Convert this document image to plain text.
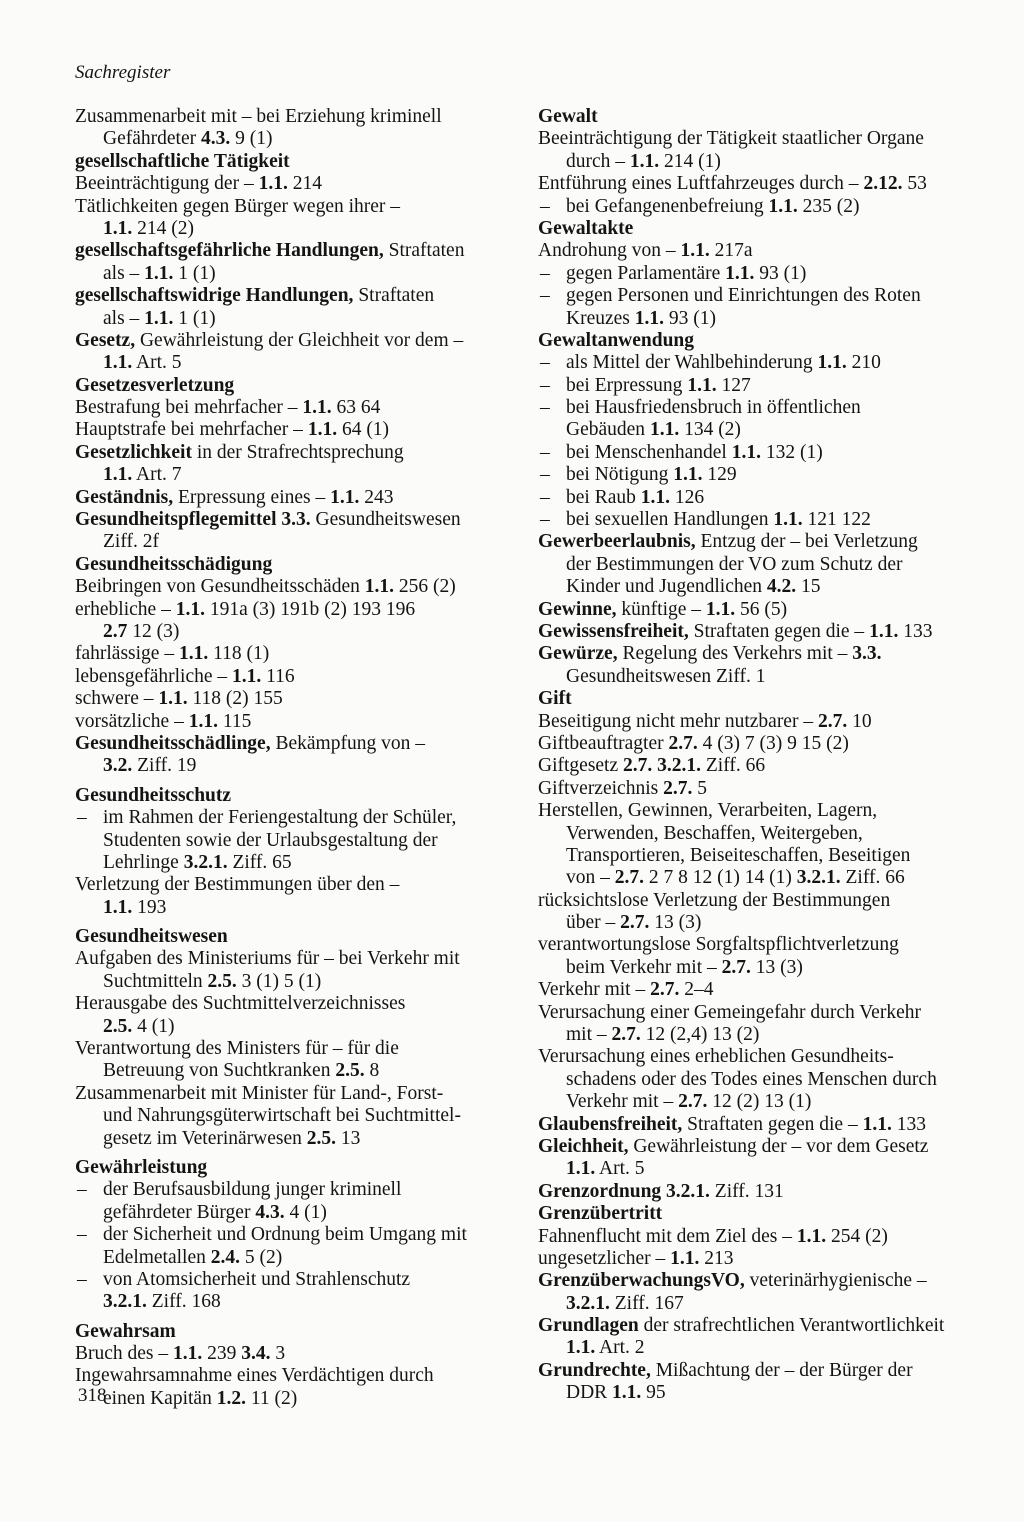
Sachregister
Zusammenarbeit mit – bei Erziehung kriminell
Gefährdeter 4.3. 9 (1)
gesellschaftliche Tätigkeit
Beeinträchtigung der – 1.1. 214
Tätlichkeiten gegen Bürger wegen ihrer –
1.1. 214 (2)
gesellschaftsgefährliche Handlungen, Straftaten
als – 1.1. 1 (1)
gesellschaftswidrige Handlungen, Straftaten
als – 1.1. 1 (1)
Gesetz, Gewährleistung der Gleichheit vor dem –
1.1. Art. 5
Gesetzesverletzung
Bestrafung bei mehrfacher – 1.1. 63 64
Hauptstrafe bei mehrfacher – 1.1. 64 (1)
Gesetzlichkeit in der Strafrechtsprechung
1.1. Art. 7
Geständnis, Erpressung eines – 1.1. 243
Gesundheitspflegemittel 3.3. Gesundheitswesen
Ziff. 2f
Gesundheitsschädigung
Beibringen von Gesundheitsschäden 1.1. 256 (2)
erhebliche – 1.1. 191a (3) 191b (2) 193 196
2.7 12 (3)
fahrlässige – 1.1. 118 (1)
lebensgefährliche – 1.1. 116
schwere – 1.1. 118 (2) 155
vorsätzliche – 1.1. 115
Gesundheitsschädlinge, Bekämpfung von –
3.2. Ziff. 19
Gesundheitsschutz
– im Rahmen der Feriengestaltung der Schüler,
Studenten sowie der Urlaubsgestaltung der
Lehrlinge 3.2.1. Ziff. 65
Verletzung der Bestimmungen über den –
1.1. 193
Gesundheitswesen
Aufgaben des Ministeriums für – bei Verkehr mit
Suchtmitteln 2.5. 3 (1) 5 (1)
Herausgabe des Suchtmittelverzeichnisses
2.5. 4 (1)
Verantwortung des Ministers für – für die
Betreuung von Suchtkranken 2.5. 8
Zusammenarbeit mit Minister für Land-, Forst-
und Nahrungsgüterwirtschaft bei Suchtmittel-
gesetz im Veterinärwesen 2.5. 13
Gewährleistung
– der Berufsausbildung junger kriminell
gefährdeter Bürger 4.3. 4 (1)
– der Sicherheit und Ordnung beim Umgang mit
Edelmetallen 2.4. 5 (2)
– von Atomsicherheit und Strahlenschutz
3.2.1. Ziff. 168
Gewahrsam
Bruch des – 1.1. 239 3.4. 3
Ingewahrsamnahme eines Verdächtigen durch
einen Kapitän 1.2. 11 (2)
Gewalt
Beeinträchtigung der Tätigkeit staatlicher Organe
durch – 1.1. 214 (1)
Entführung eines Luftfahrzeuges durch – 2.12. 53
– bei Gefangenenbefreiung 1.1. 235 (2)
Gewaltakte
Androhung von – 1.1. 217a
– gegen Parlamentäre 1.1. 93 (1)
– gegen Personen und Einrichtungen des Roten
Kreuzes 1.1. 93 (1)
Gewaltanwendung
– als Mittel der Wahlbehinderung 1.1. 210
– bei Erpressung 1.1. 127
– bei Hausfriedensbruch in öffentlichen
Gebäuden 1.1. 134 (2)
– bei Menschenhandel 1.1. 132 (1)
– bei Nötigung 1.1. 129
– bei Raub 1.1. 126
– bei sexuellen Handlungen 1.1. 121 122
Gewerbeerlaubnis, Entzug der – bei Verletzung
der Bestimmungen der VO zum Schutz der
Kinder und Jugendlichen 4.2. 15
Gewinne, künftige – 1.1. 56 (5)
Gewissensfreiheit, Straftaten gegen die – 1.1. 133
Gewürze, Regelung des Verkehrs mit – 3.3.
Gesundheitswesen Ziff. 1
Gift
Beseitigung nicht mehr nutzbarer – 2.7. 10
Giftbeauftragter 2.7. 4 (3) 7 (3) 9 15 (2)
Giftgesetz 2.7. 3.2.1. Ziff. 66
Giftverzeichnis 2.7. 5
Herstellen, Gewinnen, Verarbeiten, Lagern,
Verwenden, Beschaffen, Weitergeben,
Transportieren, Beiseiteschaffen, Beseitigen
von – 2.7. 2 7 8 12 (1) 14 (1) 3.2.1. Ziff. 66
rücksichtslose Verletzung der Bestimmungen
über – 2.7. 13 (3)
verantwortungslose Sorgfaltspflichtverletzung
beim Verkehr mit – 2.7. 13 (3)
Verkehr mit – 2.7. 2–4
Verursachung einer Gemeingefahr durch Verkehr
mit – 2.7. 12 (2,4) 13 (2)
Verursachung eines erheblichen Gesundheits-
schadens oder des Todes eines Menschen durch
Verkehr mit – 2.7. 12 (2) 13 (1)
Glaubensfreiheit, Straftaten gegen die – 1.1. 133
Gleichheit, Gewährleistung der – vor dem Gesetz
1.1. Art. 5
Grenzordnung 3.2.1. Ziff. 131
Grenzübertritt
Fahnenflucht mit dem Ziel des – 1.1. 254 (2)
ungesetzlicher – 1.1. 213
GrenzüberwachungsVO, veterinärhygienische –
3.2.1. Ziff. 167
Grundlagen der strafrechtlichen Verantwortlichkeit
1.1. Art. 2
Grundrechte, Mißachtung der – der Bürger der
DDR 1.1. 95
318
